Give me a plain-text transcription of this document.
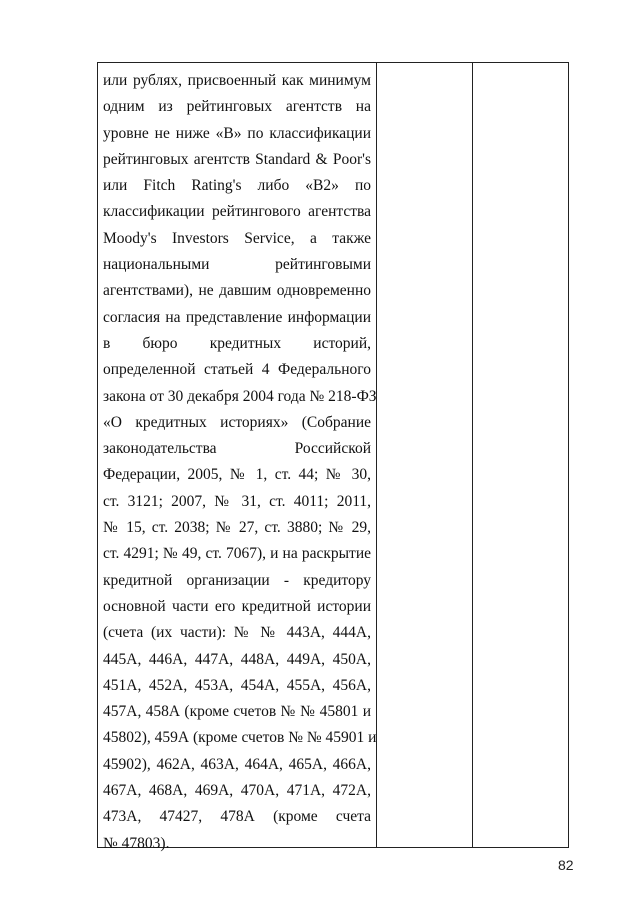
или рублях, присвоенный как минимум
одним из рейтинговых агентств на
уровне не ниже «В» по классификации
рейтинговых агентств Standard & Poor's
или Fitch Rating's либо «B2» по
классификации рейтингового агентства
Moody's Investors Service, а также
национальными рейтинговыми
агентствами), не давшим одновременно
согласия на представление информации
в бюро кредитных историй,
определенной статьей 4 Федерального
закона от 30 декабря 2004 года № 218-ФЗ
«О кредитных историях» (Собрание
законодательства Российской
Федерации, 2005, № 1, ст. 44; № 30,
ст. 3121; 2007, № 31, ст. 4011; 2011,
№ 15, ст. 2038; № 27, ст. 3880; № 29,
ст. 4291; № 49, ст. 7067), и на раскрытие
кредитной организации - кредитору
основной части его кредитной истории
(счета (их части): № № 443А, 444А,
445А, 446А, 447А, 448А, 449А, 450А,
451А, 452А, 453А, 454А, 455А, 456А,
457А, 458А (кроме счетов № № 45801 и
45802), 459А (кроме счетов № № 45901 и
45902), 462А, 463А, 464А, 465А, 466А,
467А, 468А, 469А, 470А, 471А, 472А,
473А, 47427, 478А (кроме счета
№ 47803).
82
